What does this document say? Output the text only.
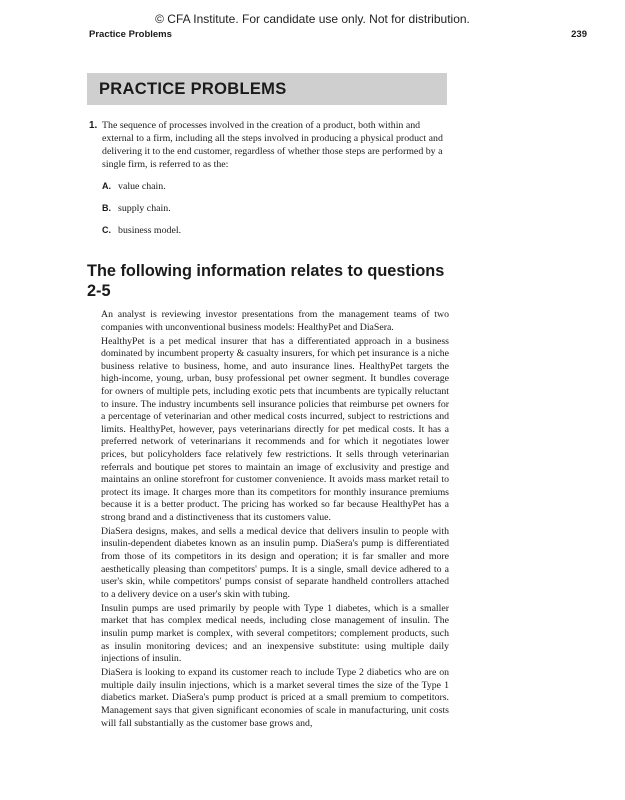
© CFA Institute. For candidate use only. Not for distribution.
Practice Problems	239
PRACTICE PROBLEMS
1. The sequence of processes involved in the creation of a product, both within and external to a firm, including all the steps involved in producing a physical product and delivering it to the end customer, regardless of whether those steps are performed by a single firm, is referred to as the:
A. value chain.
B. supply chain.
C. business model.
The following information relates to questions 2-5

An analyst is reviewing investor presentations from the management teams of two companies with unconventional business models: HealthyPet and DiaSera.

HealthyPet is a pet medical insurer that has a differentiated approach in a business dominated by incumbent property & casualty insurers, for which pet insurance is a niche business relative to business, home, and auto insurance lines. HealthyPet targets the high-income, young, urban, busy professional pet owner segment. It bundles coverage for owners of multiple pets, including exotic pets that incumbents are typically reluctant to insure. The industry incumbents sell insurance policies that reimburse pet owners for a percentage of veterinarian and other medical costs incurred, subject to restrictions and limits. HealthyPet, however, pays veterinarians directly for pet medical costs. It has a preferred network of veterinarians it recommends and for which it negotiates lower prices, but policyholders face relatively few restrictions. It sells through veterinarian referrals and boutique pet stores to maintain an image of exclusivity and prestige and maintains an online storefront for customer convenience. It avoids mass market retail to protect its image. It charges more than its competitors for monthly insurance premiums because it is a better product. The pricing has worked so far because HealthyPet has a strong brand and a distinctiveness that its customers value.

DiaSera designs, makes, and sells a medical device that delivers insulin to people with insulin-dependent diabetes known as an insulin pump. DiaSera's pump is differentiated from those of its competitors in its design and operation; it is far smaller and more aesthetically pleasing than competitors' pumps. It is a single, small device adhered to a user's skin, while competitors' pumps consist of separate handheld controllers attached to a delivery device on a user's skin with tubing.

Insulin pumps are used primarily by people with Type 1 diabetes, which is a smaller market that has complex medical needs, including close management of insulin. The insulin pump market is complex, with several competitors; complement products, such as insulin monitoring devices; and an inexpensive substitute: using multiple daily injections of insulin.

DiaSera is looking to expand its customer reach to include Type 2 diabetics who are on multiple daily insulin injections, which is a market several times the size of the Type 1 diabetics market. DiaSera's pump product is priced at a small premium to competitors. Management says that given significant economies of scale in manufacturing, unit costs will fall substantially as the customer base grows and,
